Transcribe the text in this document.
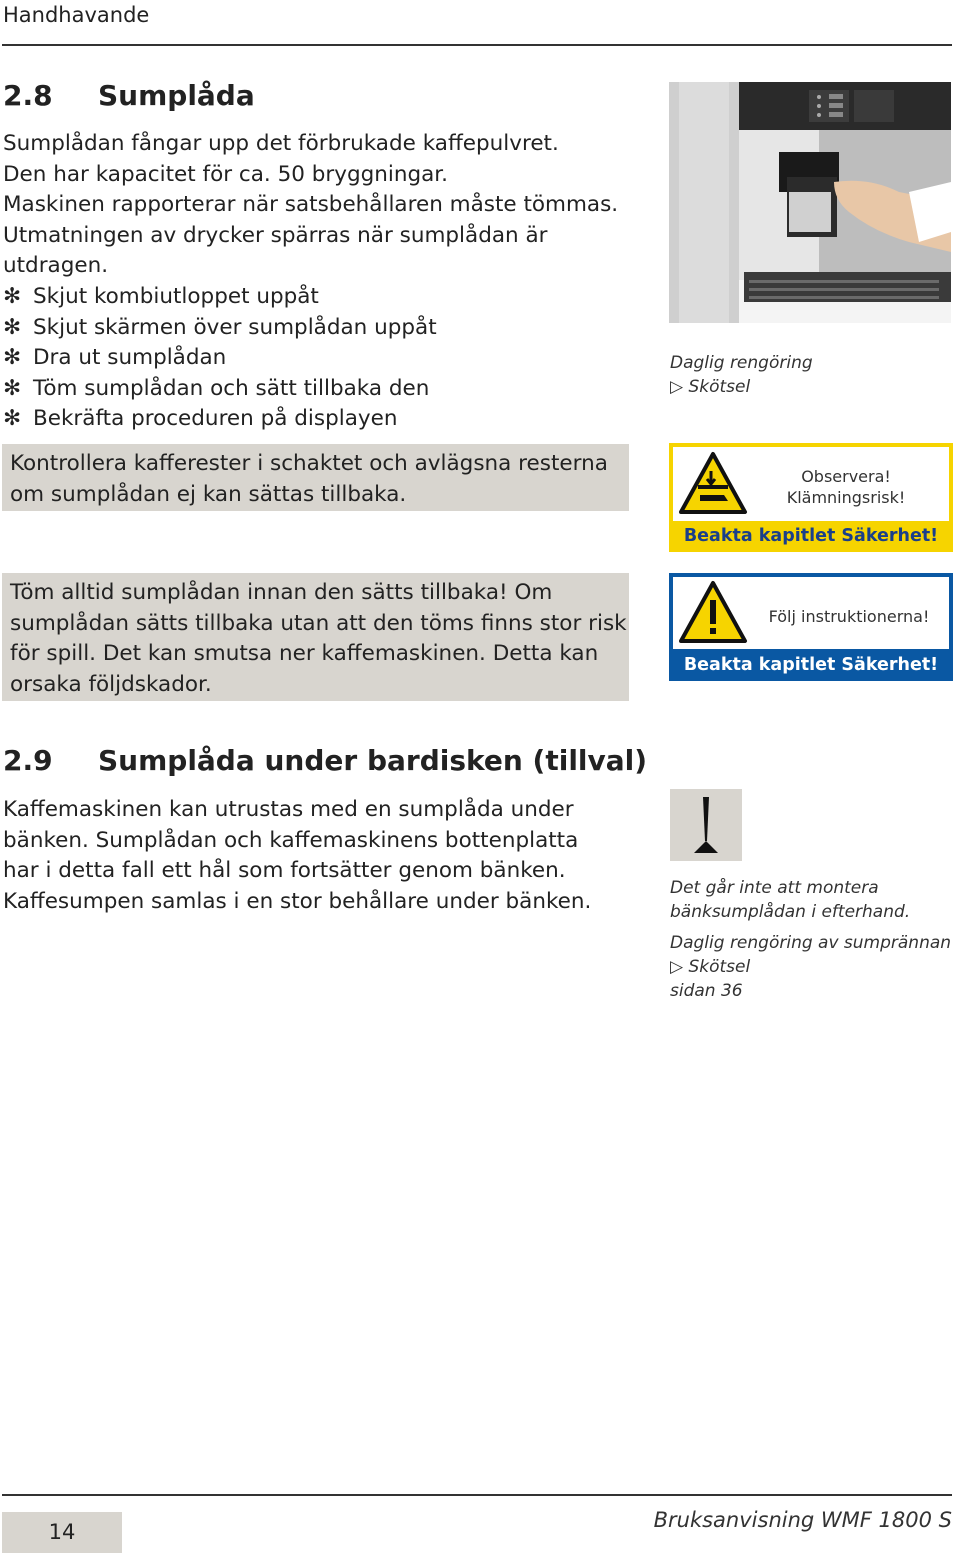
Handhavande
2.8 Sumplåda
Sumplådan fångar upp det förbrukade kaffepulvret.
Den har kapacitet för ca. 50 bryggningar.
Maskinen rapporterar när satsbehållaren måste tömmas.
Utmatningen av drycker spärras när sumplådan är
utdragen.
✻ Skjut kombiutloppet uppåt
✻ Skjut skärmen över sumplådan uppåt
✻ Dra ut sumplådan
✻ Töm sumplådan och sätt tillbaka den
✻ Bekräfta proceduren på displayen
Kontrollera kafferester i schaktet och avlägsna resterna
om sumplådan ej kan sättas tillbaka.
Töm alltid sumplådan innan den sätts tillbaka! Om
sumplådan sätts tillbaka utan att den töms finns stor risk
för spill. Det kan smutsa ner kaffemaskinen. Detta kan
orsaka följdskador.
Daglig rengöring
▷ Skötsel
Observera!
Klämningsrisk!
Beakta kapitlet Säkerhet!
Följ instruktionerna!
Beakta kapitlet Säkerhet!
2.9 Sumplåda under bardisken (tillval)
Kaffemaskinen kan utrustas med en sumplåda under
bänken. Sumplådan och kaffemaskinens bottenplatta
har i detta fall ett hål som fortsätter genom bänken.
Kaffesumpen samlas i en stor behållare under bänken.
Det går inte att montera
bänksumplådan i efterhand.
Daglig rengöring av sumprännan
▷ Skötsel
sidan 36
14	Bruksanvisning WMF 1800 S
